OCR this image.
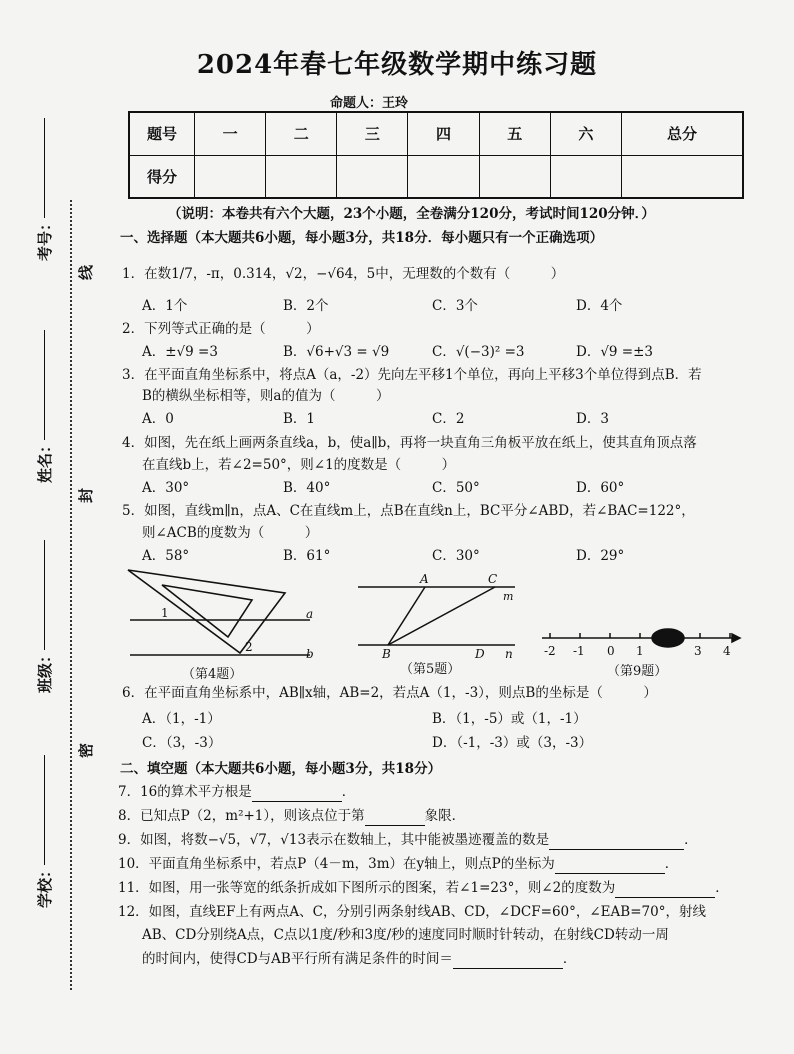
2024年春七年级数学期中练习题
命题人：王玲
题号	一	二	三	四	五	六	总分
得分							
（说明：本卷共有六个大题，23个小题，全卷满分120分，考试时间120分钟．）
考号：
姓名：
班级：
学校：
线
封
密
一、选择题（本大题共6小题，每小题3分，共18分．每小题只有一个正确选项）
1．在数1/7，-π，0.314，√2，−√64，5中，无理数的个数有（　　　）
A．1个	B．2个	C．3个	D．4个
2．下列等式正确的是（　　　）
A．±√9 =3	B．√6+√3 = √9	C．√(−3)² =3	D．√9 =±3
3．在平面直角坐标系中，将点A（a，-2）先向左平移1个单位，再向上平移3个单位得到点B．若
B的横纵坐标相等，则a的值为（　　　）
A．0	B．1	C．2	D．3
4．如图，先在纸上画两条直线a，b，使a∥b，再将一块直角三角板平放在纸上，使其直角顶点落
在直线b上，若∠2=50°，则∠1的度数是（　　　）
A．30°	B．40°	C．50°	D．60°
5．如图，直线m∥n，点A、C在直线m上，点B在直线n上，BC平分∠ABD，若∠BAC=122°，
则∠ACB的度数为（　　　）
A．58°	B．61°	C．30°	D．29°
1
2
a
b
（第4题）
A	C
m
B	D n
（第5题）
-2 -1 0 1	3 4
（第9题）
6．在平面直角坐标系中，AB∥x轴，AB=2，若点A（1，-3），则点B的坐标是（　　　）
A．（1，-1）	B．（1，-5）或（1，-1）
C．（3，-3）	D．（-1，-3）或（3，-3）
二、填空题（本大题共6小题，每小题3分，共18分）
7．16的算术平方根是	．
8．已知点P（2，m²+1），则该点位于第	象限．
9．如图，将数−√5，√7，√13表示在数轴上，其中能被墨迹覆盖的数是	．
10．平面直角坐标系中，若点P（4－m，3m）在y轴上，则点P的坐标为	．
11．如图，用一张等宽的纸条折成如下图所示的图案，若∠1=23°，则∠2的度数为	．
12．如图，直线EF上有两点A、C，分别引两条射线AB、CD，∠DCF=60°，∠EAB=70°，射线
AB、CD分别绕A点，C点以1度/秒和3度/秒的速度同时顺时针转动，在射线CD转动一周
的时间内，使得CD与AB平行所有满足条件的时间＝	．
